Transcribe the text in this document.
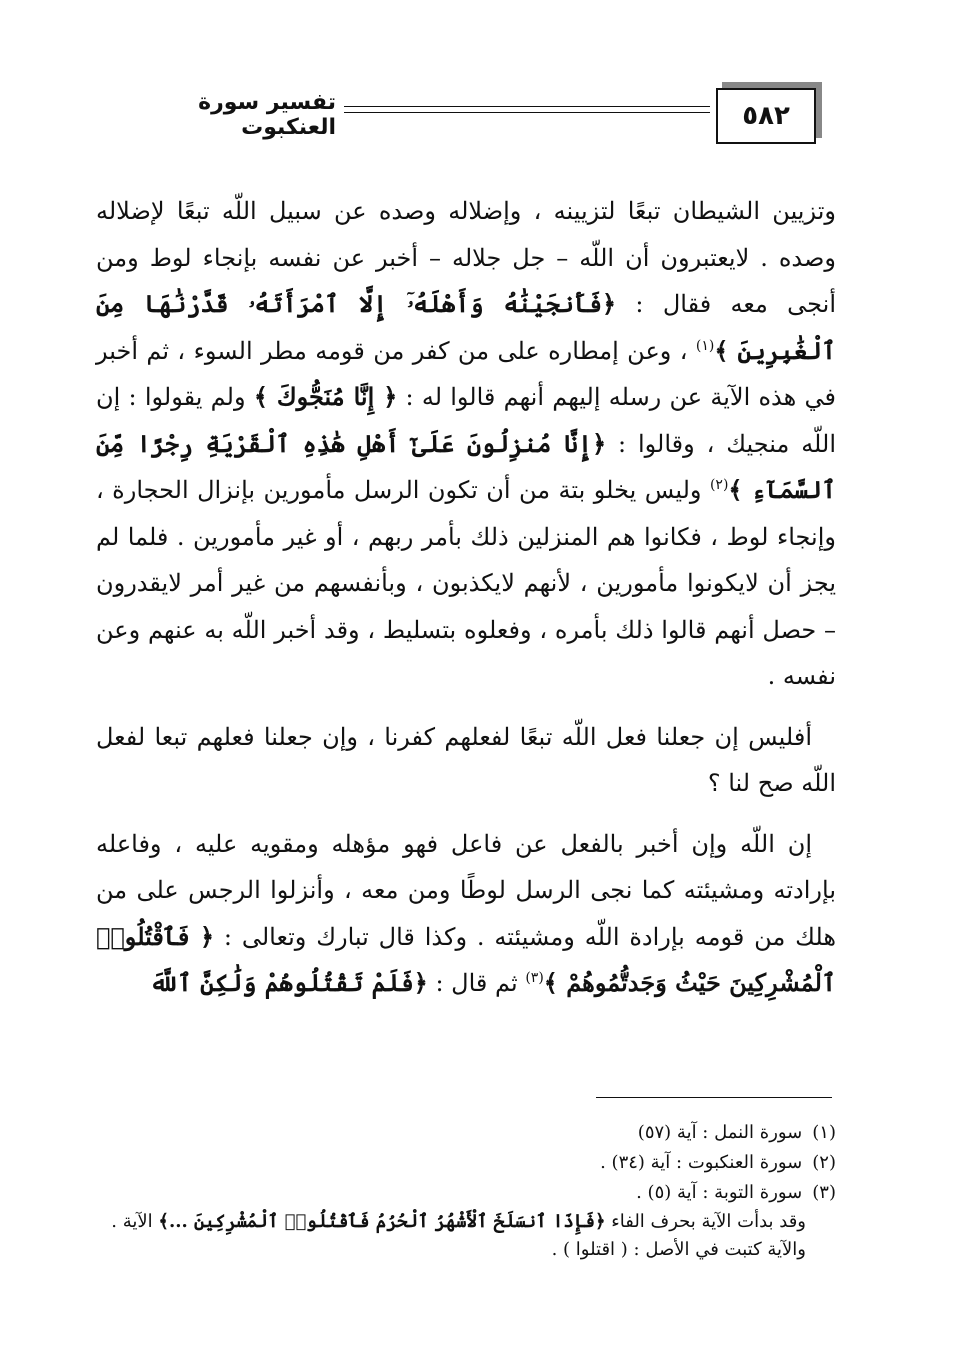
٥٨٢
تفسير سورة العنكبوت

وتزيين الشيطان تبعًا لتزيينه ، وإضلاله وصده عن سبيل اللّه تبعًا لإضلاله وصده . لايعتبرون أن اللّه – جل جلاله – أخبر عن نفسه بإنجاء لوط ومن أنجى معه فقال : ﴿فَأَنجَيْنَٰهُ وَأَهْلَهُۥٓ إِلَّا ٱمْرَأَتَهُۥ قَدَّرْنَٰهَا مِنَ ٱلْغَٰبِرِينَ ﴾$^{(١)}$ ، وعن إمطاره على من كفر من قومه مطر السوء ، ثم أخبر في هذه الآية عن رسله إليهم أنهم قالوا له : ﴿ إِنَّا مُنَجُّوكَ ﴾ ولم يقولوا : إن اللّه منجيك ، وقالوا : ﴿إِنَّا مُنزِلُونَ عَلَىٰٓ أَهْلِ هَٰذِهِ ٱلْقَرْيَةِ رِجْزًا مِّنَ ٱلسَّمَآءِ ﴾$^{(٢)}$ وليس يخلو بتة من أن تكون الرسل مأمورين بإنزال الحجارة ، وإنجاء لوط ، فكانوا هم المنزلين ذلك بأمر ربهم ، أو غير مأمورين . فلما لم يجز أن لايكونوا مأمورين ، لأنهم لايكذبون ، وبأنفسهم من غير أمر لايقدرون – حصل أنهم قالوا ذلك بأمره ، وفعلوه بتسليط ، وقد أخبر اللّه به عنهم وعن نفسه .

أفليس إن جعلنا فعل اللّه تبعًا لفعلهم كفرنا ، وإن جعلنا فعلهم تبعا لفعل اللّه صح لنا ؟

إن اللّه وإن أخبر بالفعل عن فاعل فهو مؤهله ومقويه عليه ، وفاعله بإرادته ومشيئته كما نجى الرسل لوطًا ومن معه ، وأنزلوا الرجس على من هلك من قومه بإرادة اللّه ومشيئته . وكذا قال تبارك وتعالى : ﴿ فَٱقْتُلُوا۟ ٱلْمُشْرِكِينَ حَيْثُ وَجَدتُّمُوهُمْ ﴾$^{(٣)}$ ثم قال : ﴿فَلَمْ تَقْتُلُوهُمْ وَلَٰكِنَّ ٱللَّهَ

(١)سورة النمل : آية (٥٧)

(٢)سورة العنكبوت : آية (٣٤) .

(٣)سورة التوبة : آية (٥) .

وقد بدأت الآية بحرف الفاء ﴿فَإِذَا ٱنسَلَخَ ٱلْأَشْهُرُ ٱلْحُرُمُ فَٱقْتُلُوا۟ ٱلْمُشْرِكِينَ ...﴾ الآية .

والآية كتبت في الأصل : ( اقتلوا ) .
